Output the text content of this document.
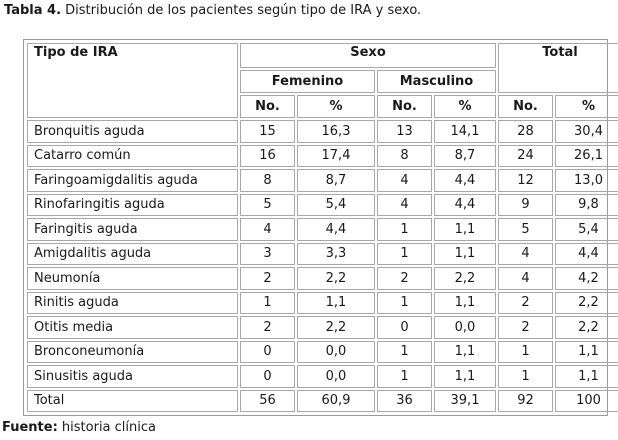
Tabla 4. Distribución de los pacientes según tipo de IRA y sexo.
Tipo de IRA	Sexo				Total	
	Femenino		Masculino			
	No.	%	No.	%	No.	%
Bronquitis aguda	15	16,3	13	14,1	28	30,4
Catarro común	16	17,4	8	8,7	24	26,1
Faringoamigdalitis aguda	8	8,7	4	4,4	12	13,0
Rinofaringitis aguda	5	5,4	4	4,4	9	9,8
Faringitis aguda	4	4,4	1	1,1	5	5,4
Amigdalitis aguda	3	3,3	1	1,1	4	4,4
Neumonía	2	2,2	2	2,2	4	4,2
Rinitis aguda	1	1,1	1	1,1	2	2,2
Otitis media	2	2,2	0	0,0	2	2,2
Bronconeumonía	0	0,0	1	1,1	1	1,1
Sinusitis aguda	0	0,0	1	1,1	1	1,1
Total	56	60,9	36	39,1	92	100
Fuente: historia clínica
